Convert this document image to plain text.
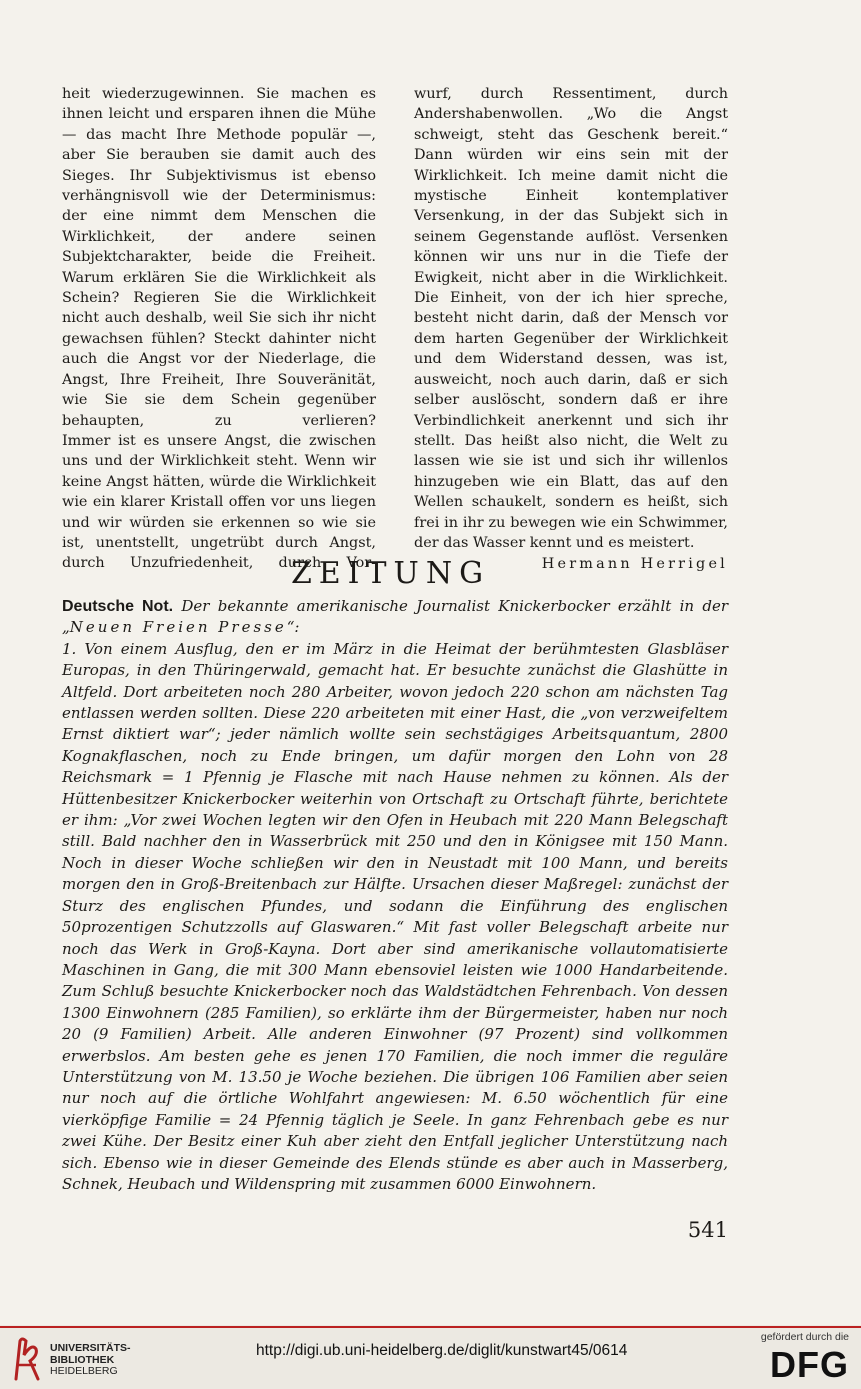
heit wiederzugewinnen. Sie machen es ihnen leicht und ersparen ihnen die Mühe — das macht Ihre Methode populär —, aber Sie berauben sie damit auch des Sieges. Ihr Subjektivismus ist ebenso verhängnisvoll wie der Determinismus: der eine nimmt dem Menschen die Wirklichkeit, der andere seinen Subjektcharakter, beide die Freiheit.

Warum erklären Sie die Wirklichkeit als Schein? Regieren Sie die Wirklichkeit nicht auch deshalb, weil Sie sich ihr nicht gewachsen fühlen? Steckt dahinter nicht auch die Angst vor der Niederlage, die Angst, Ihre Freiheit, Ihre Souveränität, wie Sie sie dem Schein gegenüber behaupten, zu verlieren?

Immer ist es unsere Angst, die zwischen uns und der Wirklichkeit steht. Wenn wir keine Angst hätten, würde die Wirklichkeit wie ein klarer Kristall offen vor uns liegen und wir würden sie erkennen so wie sie ist, unentstellt, ungetrübt durch Angst, durch Unzufriedenheit, durch Vor-

wurf, durch Ressentiment, durch Andershabenwollen. „Wo die Angst schweigt, steht das Geschenk bereit.“ Dann würden wir eins sein mit der Wirklichkeit. Ich meine damit nicht die mystische Einheit kontemplativer Versenkung, in der das Subjekt sich in seinem Gegenstande auflöst. Versenken können wir uns nur in die Tiefe der Ewigkeit, nicht aber in die Wirklichkeit. Die Einheit, von der ich hier spreche, besteht nicht darin, daß der Mensch vor dem harten Gegenüber der Wirklichkeit und dem Widerstand dessen, was ist, ausweicht, noch auch darin, daß er sich selber auslöscht, sondern daß er ihre Verbindlichkeit anerkennt und sich ihr stellt. Das heißt also nicht, die Welt zu lassen wie sie ist und sich ihr willenlos hinzugeben wie ein Blatt, das auf den Wellen schaukelt, sondern es heißt, sich frei in ihr zu bewegen wie ein Schwimmer, der das Wasser kennt und es meistert.

Hermann Herrigel

ZEITUNG

Deutsche Not. Der bekannte amerikanische Journalist Knickerbocker erzählt in der „Neuen Freien Presse“:

1. Von einem Ausflug, den er im März in die Heimat der berühmtesten Glasbläser Europas, in den Thüringerwald, gemacht hat. Er besuchte zunächst die Glashütte in Altfeld. Dort arbeiteten noch 280 Arbeiter, wovon jedoch 220 schon am nächsten Tag entlassen werden sollten. Diese 220 arbeiteten mit einer Hast, die „von verzweifeltem Ernst diktiert war“; jeder nämlich wollte sein sechstägiges Arbeitsquantum, 2800 Kognakflaschen, noch zu Ende bringen, um dafür morgen den Lohn von 28 Reichsmark = 1 Pfennig je Flasche mit nach Hause nehmen zu können. Als der Hüttenbesitzer Knickerbocker weiterhin von Ortschaft zu Ortschaft führte, berichtete er ihm: „Vor zwei Wochen legten wir den Ofen in Heubach mit 220 Mann Belegschaft still. Bald nachher den in Wasserbrück mit 250 und den in Königsee mit 150 Mann. Noch in dieser Woche schließen wir den in Neustadt mit 100 Mann, und bereits morgen den in Groß-Breitenbach zur Hälfte. Ursachen dieser Maßregel: zunächst der Sturz des englischen Pfundes, und sodann die Einführung des englischen 50prozentigen Schutzzolls auf Glaswaren.“ Mit fast voller Belegschaft arbeite nur noch das Werk in Groß-Kayna. Dort aber sind amerikanische vollautomatisierte Maschinen in Gang, die mit 300 Mann ebensoviel leisten wie 1000 Handarbeitende. Zum Schluß besuchte Knickerbocker noch das Waldstädtchen Fehrenbach. Von dessen 1300 Einwohnern (285 Familien), so erklärte ihm der Bürgermeister, haben nur noch 20 (9 Familien) Arbeit. Alle anderen Einwohner (97 Prozent) sind vollkommen erwerbslos. Am besten gehe es jenen 170 Familien, die noch immer die reguläre Unterstützung von M. 13.50 je Woche beziehen. Die übrigen 106 Familien aber seien nur noch auf die örtliche Wohlfahrt angewiesen: M. 6.50 wöchentlich für eine vierköpfige Familie = 24 Pfennig täglich je Seele. In ganz Fehrenbach gebe es nur zwei Kühe. Der Besitz einer Kuh aber zieht den Entfall jeglicher Unterstützung nach sich. Ebenso wie in dieser Gemeinde des Elends stünde es aber auch in Masserberg, Schnek, Heubach und Wildenspring mit zusammen 6000 Einwohnern.

541
UNIVERSITÄTS-
BIBLIOTHEK
HEIDELBERG
http://digi.ub.uni-heidelberg.de/diglit/kunstwart45/0614
gefördert durch die
DFG
